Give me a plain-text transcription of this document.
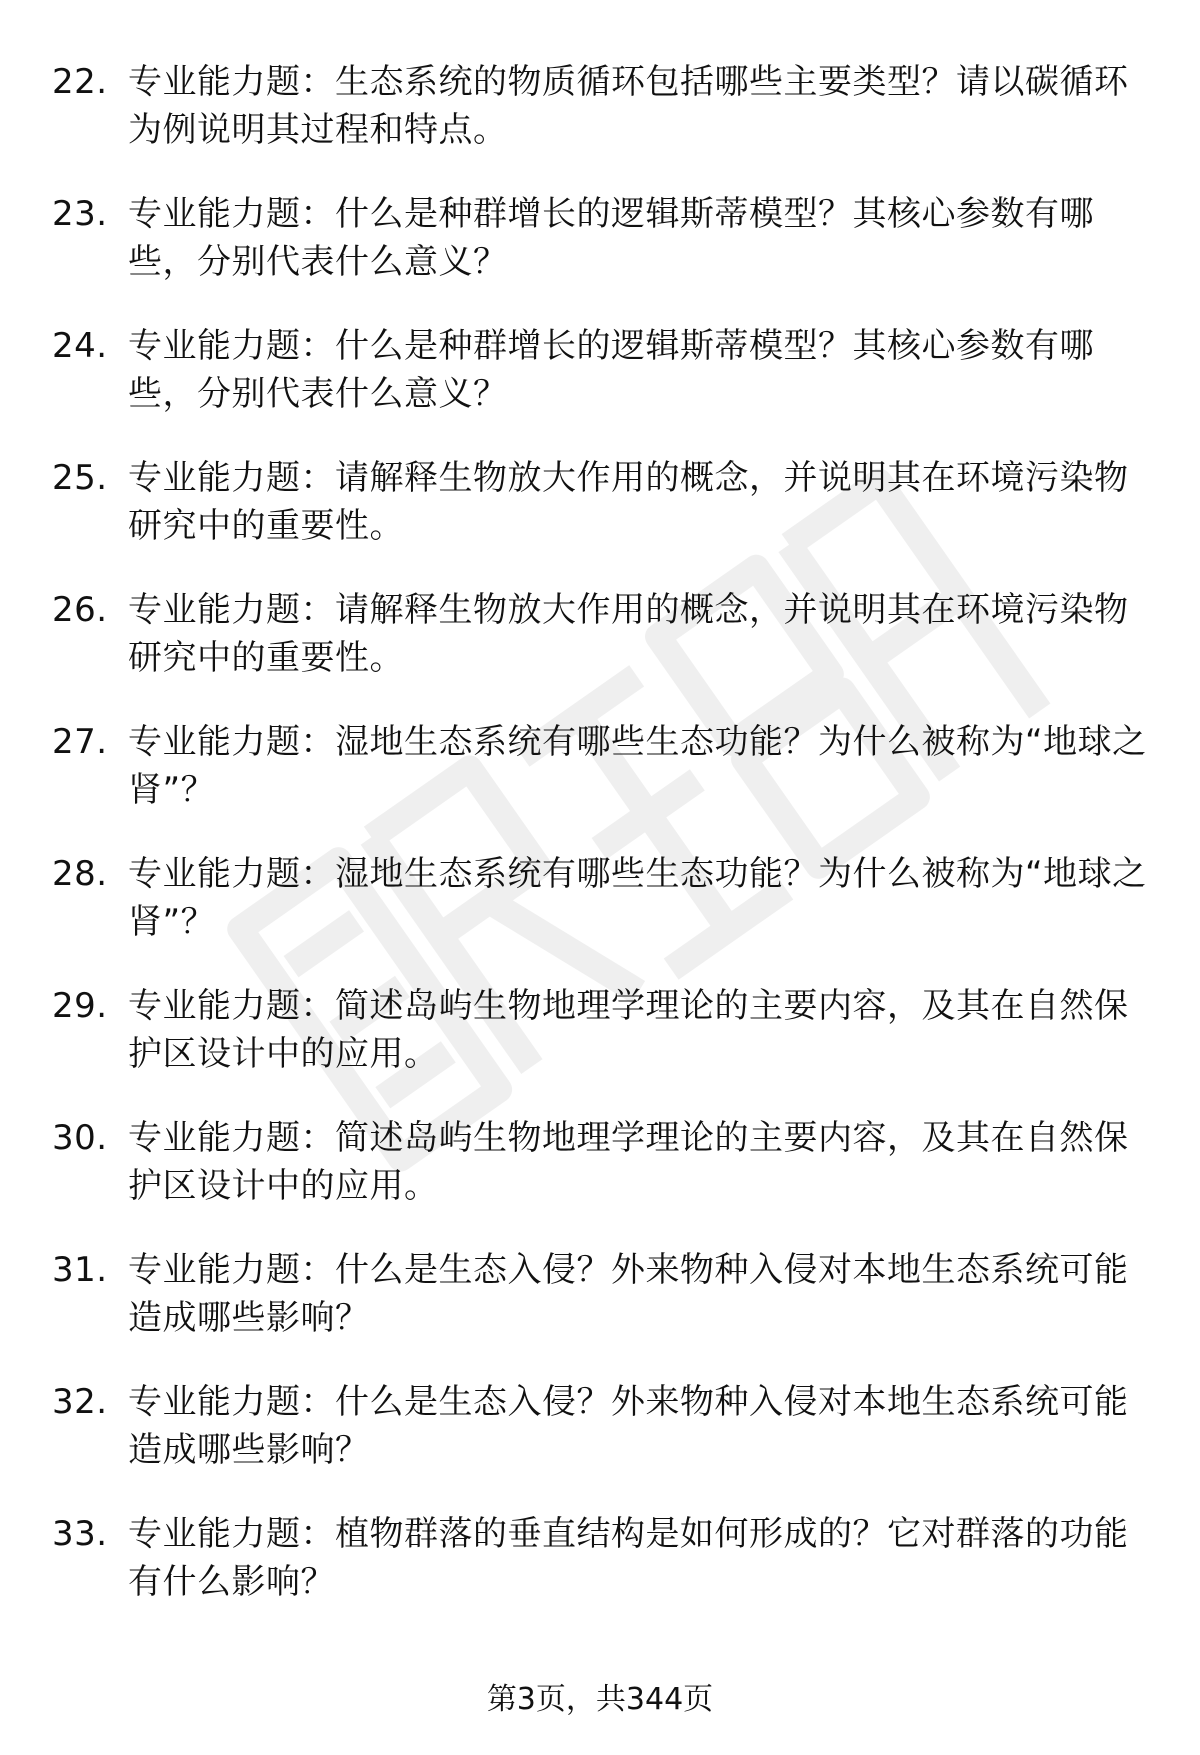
22. 专业能力题：生态系统的物质循环包括哪些主要类型？请以碳循环为例说明其过程和特点。
23. 专业能力题：什么是种群增长的逻辑斯蒂模型？其核心参数有哪些，分别代表什么意义？
24. 专业能力题：什么是种群增长的逻辑斯蒂模型？其核心参数有哪些，分别代表什么意义？
25. 专业能力题：请解释生物放大作用的概念，并说明其在环境污染物研究中的重要性。
26. 专业能力题：请解释生物放大作用的概念，并说明其在环境污染物研究中的重要性。
27. 专业能力题：湿地生态系统有哪些生态功能？为什么被称为“地球之肾”？
28. 专业能力题：湿地生态系统有哪些生态功能？为什么被称为“地球之肾”？
29. 专业能力题：简述岛屿生物地理学理论的主要内容，及其在自然保护区设计中的应用。
30. 专业能力题：简述岛屿生物地理学理论的主要内容，及其在自然保护区设计中的应用。
31. 专业能力题：什么是生态入侵？外来物种入侵对本地生态系统可能造成哪些影响？
32. 专业能力题：什么是生态入侵？外来物种入侵对本地生态系统可能造成哪些影响？
33. 专业能力题：植物群落的垂直结构是如何形成的？它对群落的功能有什么影响？
第3页，共344页
